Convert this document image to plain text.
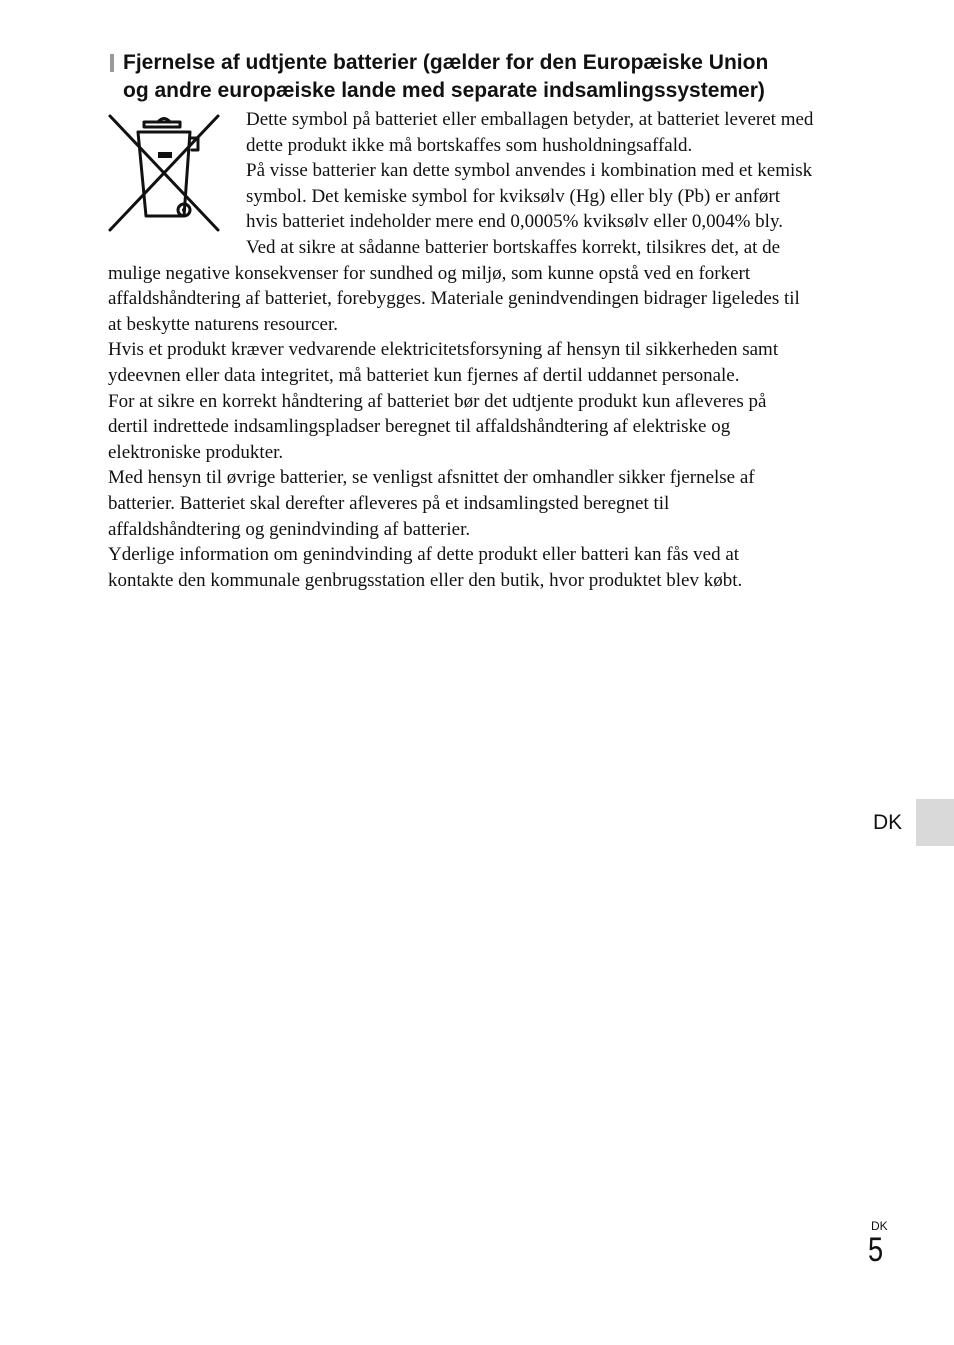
Fjernelse af udtjente batterier (gælder for den Europæiske Union
og andre europæiske lande med separate indsamlingssystemer)
Dette symbol på batteriet eller emballagen betyder, at batteriet leveret med
dette produkt ikke må bortskaffes som husholdningsaffald.
På visse batterier kan dette symbol anvendes i kombination med et kemisk
symbol. Det kemiske symbol for kviksølv (Hg) eller bly (Pb) er anført
hvis batteriet indeholder mere end 0,0005% kviksølv eller 0,004% bly.
Ved at sikre at sådanne batterier bortskaffes korrekt, tilsikres det, at de
mulige negative konsekvenser for sundhed og miljø, som kunne opstå ved en forkert
affaldshåndtering af batteriet, forebygges. Materiale genindvendingen bidrager ligeledes til
at beskytte naturens resourcer.
Hvis et produkt kræver vedvarende elektricitetsforsyning af hensyn til sikkerheden samt
ydeevnen eller data integritet, må batteriet kun fjernes af dertil uddannet personale.
For at sikre en korrekt håndtering af batteriet bør det udtjente produkt kun afleveres på
dertil indrettede indsamlingspladser beregnet til affaldshåndtering af elektriske og
elektroniske produkter.
Med hensyn til øvrige batterier, se venligst afsnittet der omhandler sikker fjernelse af
batterier. Batteriet skal derefter afleveres på et indsamlingsted beregnet til
affaldshåndtering og genindvinding af batterier.
Yderlige information om genindvinding af dette produkt eller batteri kan fås ved at
kontakte den kommunale genbrugsstation eller den butik, hvor produktet blev købt.
DK
DK
5
